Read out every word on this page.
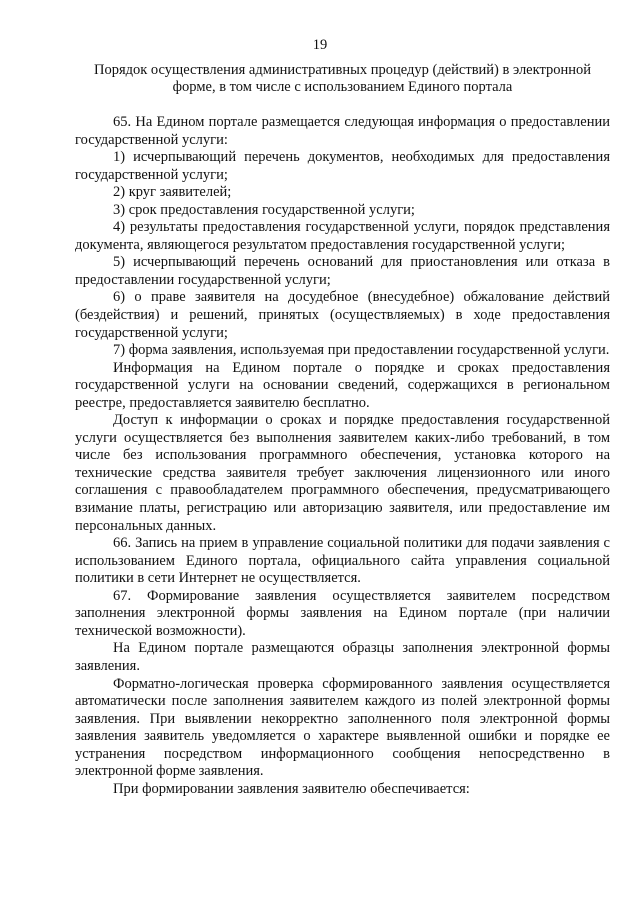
19
Порядок осуществления административных процедур (действий) в электронной форме, в том числе с использованием Единого портала

65. На Едином портале размещается следующая информация о предоставлении государственной услуги:

1) исчерпывающий перечень документов, необходимых для предоставления государственной услуги;

2) круг заявителей;

3) срок предоставления государственной услуги;

4) результаты предоставления государственной услуги, порядок представления документа, являющегося результатом предоставления государственной услуги;

5) исчерпывающий перечень оснований для приостановления или отказа в предоставлении государственной услуги;

6) о праве заявителя на досудебное (внесудебное) обжалование действий (бездействия) и решений, принятых (осуществляемых) в ходе предоставления государственной услуги;

7) форма заявления, используемая при предоставлении государственной услуги.

Информация на Едином портале о порядке и сроках предоставления государственной услуги на основании сведений, содержащихся в региональном реестре, предоставляется заявителю бесплатно.

Доступ к информации о сроках и порядке предоставления государственной услуги осуществляется без выполнения заявителем каких-либо требований, в том числе без использования программного обеспечения, установка которого на технические средства заявителя требует заключения лицензионного или иного соглашения с правообладателем программного обеспечения, предусматривающего взимание платы, регистрацию или авторизацию заявителя, или предоставление им персональных данных.

66. Запись на прием в управление социальной политики для подачи заявления с использованием Единого портала, официального сайта управления социальной политики в сети Интернет не осуществляется.

67. Формирование заявления осуществляется заявителем посредством заполнения электронной формы заявления на Едином портале (при наличии технической возможности).

На Едином портале размещаются образцы заполнения электронной формы заявления.

Форматно-логическая проверка сформированного заявления осуществляется автоматически после заполнения заявителем каждого из полей электронной формы заявления. При выявлении некорректно заполненного поля электронной формы заявления заявитель уведомляется о характере выявленной ошибки и порядке ее устранения посредством информационного сообщения непосредственно в электронной форме заявления.

При формировании заявления заявителю обеспечивается:
